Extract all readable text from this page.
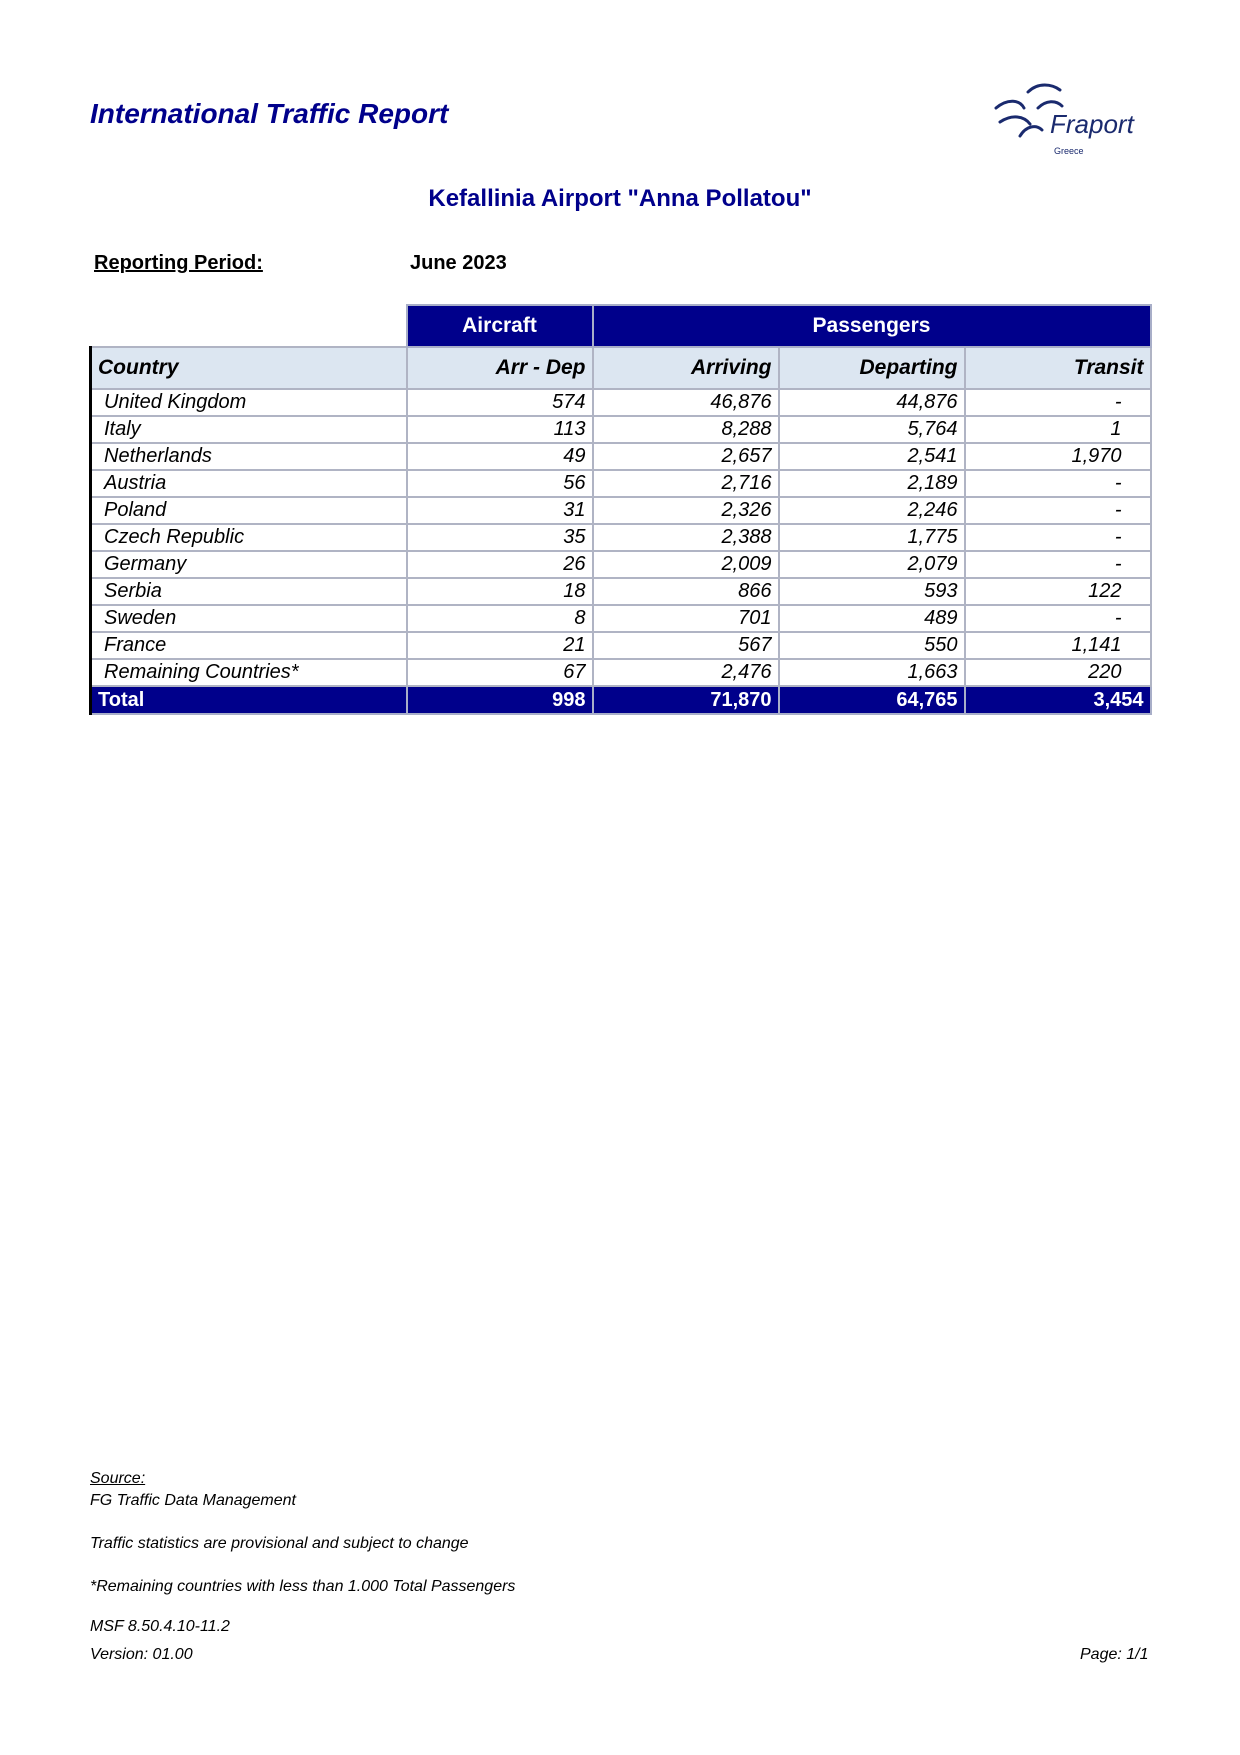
International Traffic Report	Fraport
Greece
Kefallinia Airport "Anna Pollatou"
Reporting Period:	June 2023
	Aircraft	Passengers		
Country	Arr - Dep	Arriving	Departing	Transit
United Kingdom	574	46,876	44,876	-
Italy	113	8,288	5,764	1
Netherlands	49	2,657	2,541	1,970
Austria	56	2,716	2,189	-
Poland	31	2,326	2,246	-
Czech Republic	35	2,388	1,775	-
Germany	26	2,009	2,079	-
Serbia	18	866	593	122
Sweden	8	701	489	-
France	21	567	550	1,141
Remaining Countries*	67	2,476	1,663	220
Total	998	71,870	64,765	3,454
Source:
FG Traffic Data Management
Traffic statistics are provisional and subject to change
*Remaining countries with less than 1.000 Total Passengers
MSF 8.50.4.10-11.2
Version: 01.00	Page: 1/1
